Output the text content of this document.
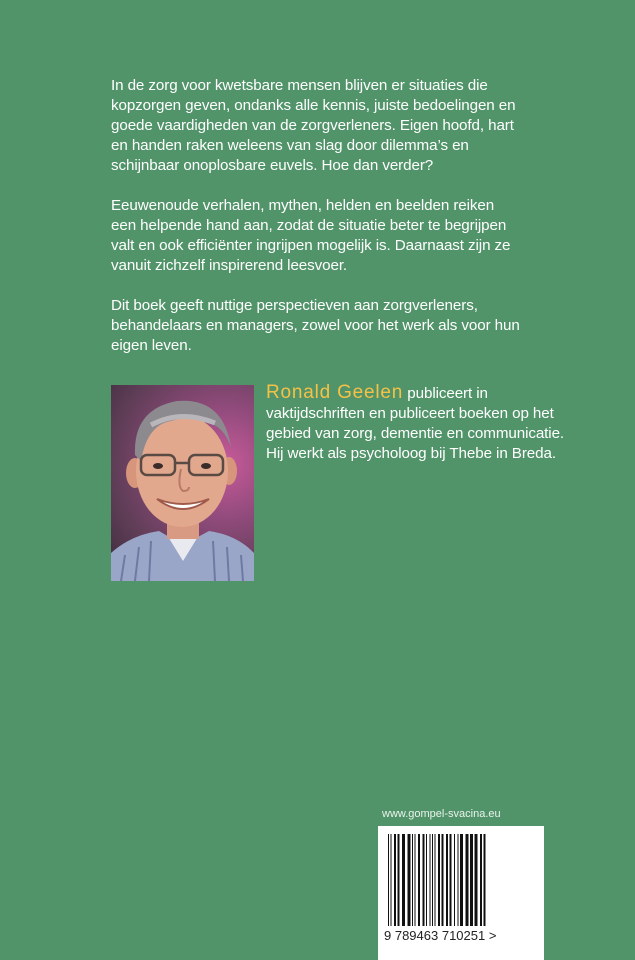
In de zorg voor kwetsbare mensen blijven er situaties die kopzorgen geven, ondanks alle kennis, juiste bedoelingen en goede vaardigheden van de zorgverleners. Eigen hoofd, hart en handen raken weleens van slag door dilemma’s en schijnbaar onoplosbare euvels. Hoe dan verder?

Eeuwenoude verhalen, mythen, helden en beelden reiken een helpende hand aan, zodat de situatie beter te begrijpen valt en ook efficiënter ingrijpen mogelijk is. Daarnaast zijn ze vanuit zichzelf inspirerend leesvoer.

Dit boek geeft nuttige perspectieven aan zorgverleners, behandelaars en managers, zowel voor het werk als voor hun eigen leven.

Ronald Geelen publiceert in vaktijdschriften en publiceert boeken op het gebied van zorg, dementie en communicatie. Hij werkt als psycholoog bij Thebe in Breda.
www.gompel-svacina.eu
9 789463 710251 >
